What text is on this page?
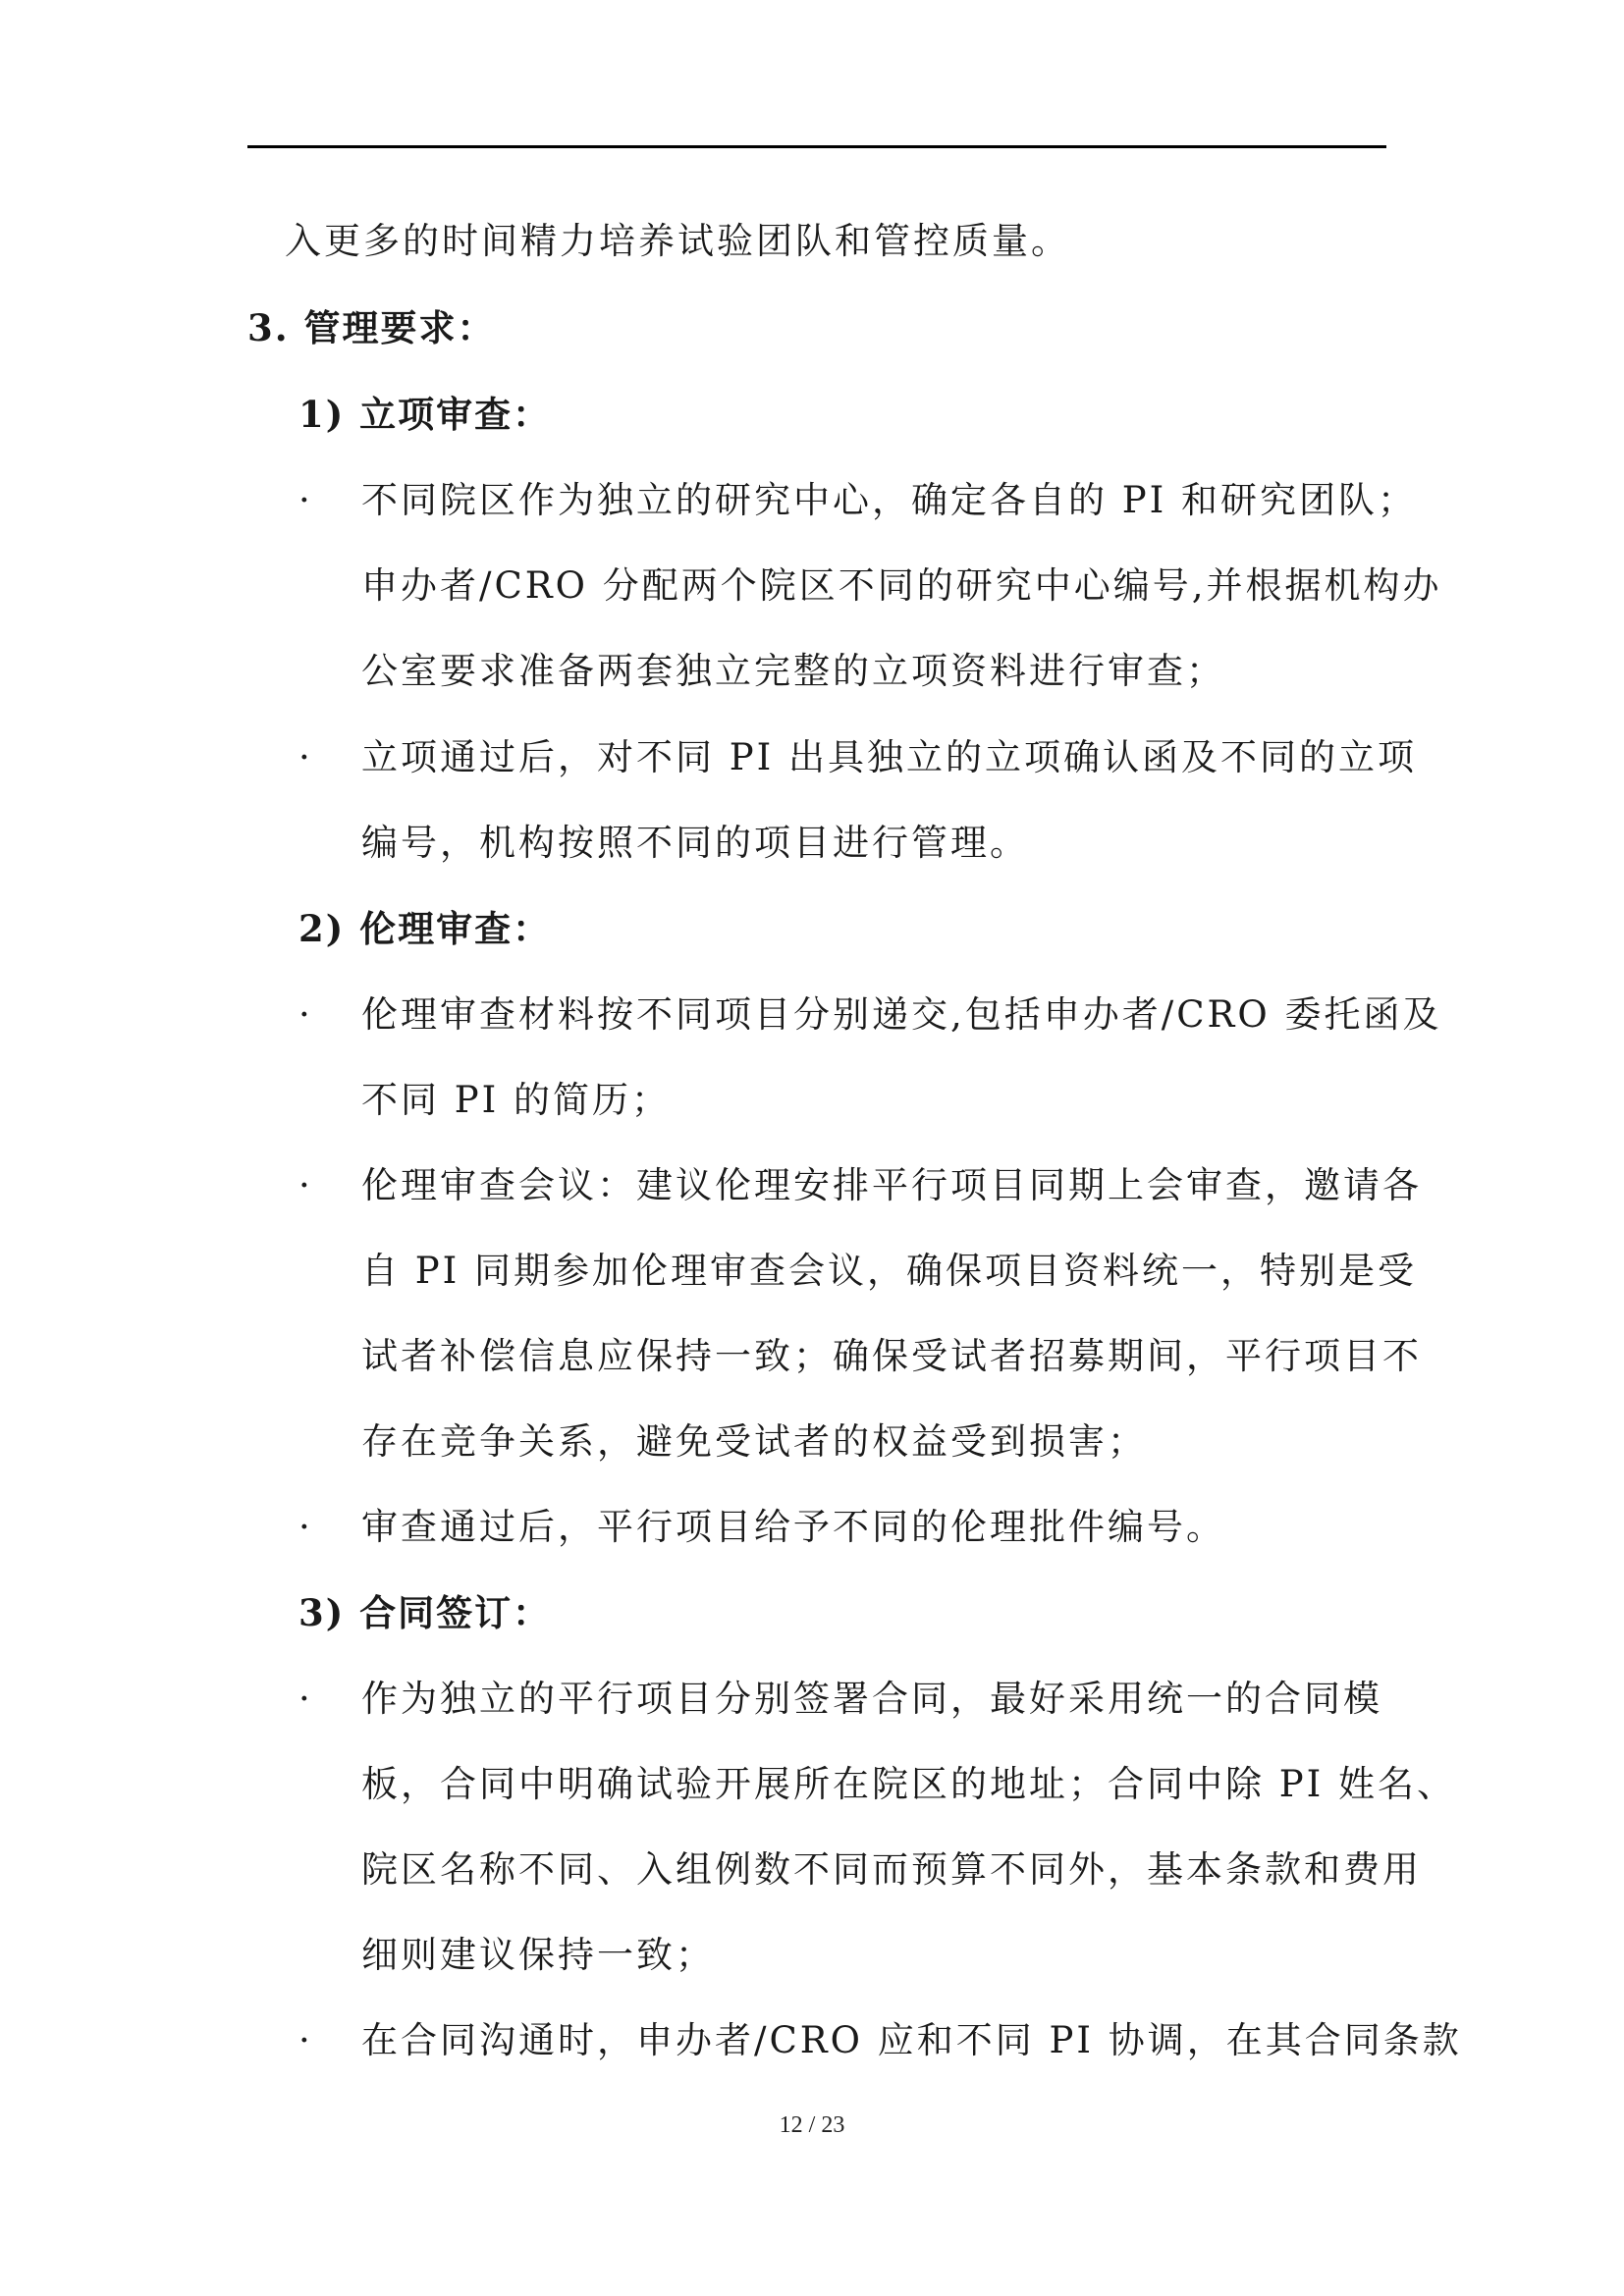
入更多的时间精力培养试验团队和管控质量。
3. 管理要求：
1) 立项审查：
· 不同院区作为独立的研究中心，确定各自的 PI 和研究团队；
申办者/CRO 分配两个院区不同的研究中心编号,并根据机构办
公室要求准备两套独立完整的立项资料进行审查；
· 立项通过后，对不同 PI 出具独立的立项确认函及不同的立项
编号，机构按照不同的项目进行管理。
2) 伦理审查：
· 伦理审查材料按不同项目分别递交,包括申办者/CRO 委托函及
不同 PI 的简历；
· 伦理审查会议：建议伦理安排平行项目同期上会审查，邀请各
自 PI 同期参加伦理审查会议，确保项目资料统一，特别是受
试者补偿信息应保持一致；确保受试者招募期间，平行项目不
存在竞争关系，避免受试者的权益受到损害；
· 审查通过后，平行项目给予不同的伦理批件编号。
3) 合同签订：
· 作为独立的平行项目分别签署合同，最好采用统一的合同模
板，合同中明确试验开展所在院区的地址；合同中除 PI 姓名、
院区名称不同、入组例数不同而预算不同外，基本条款和费用
细则建议保持一致；
· 在合同沟通时，申办者/CRO 应和不同 PI 协调，在其合同条款
12 / 23
